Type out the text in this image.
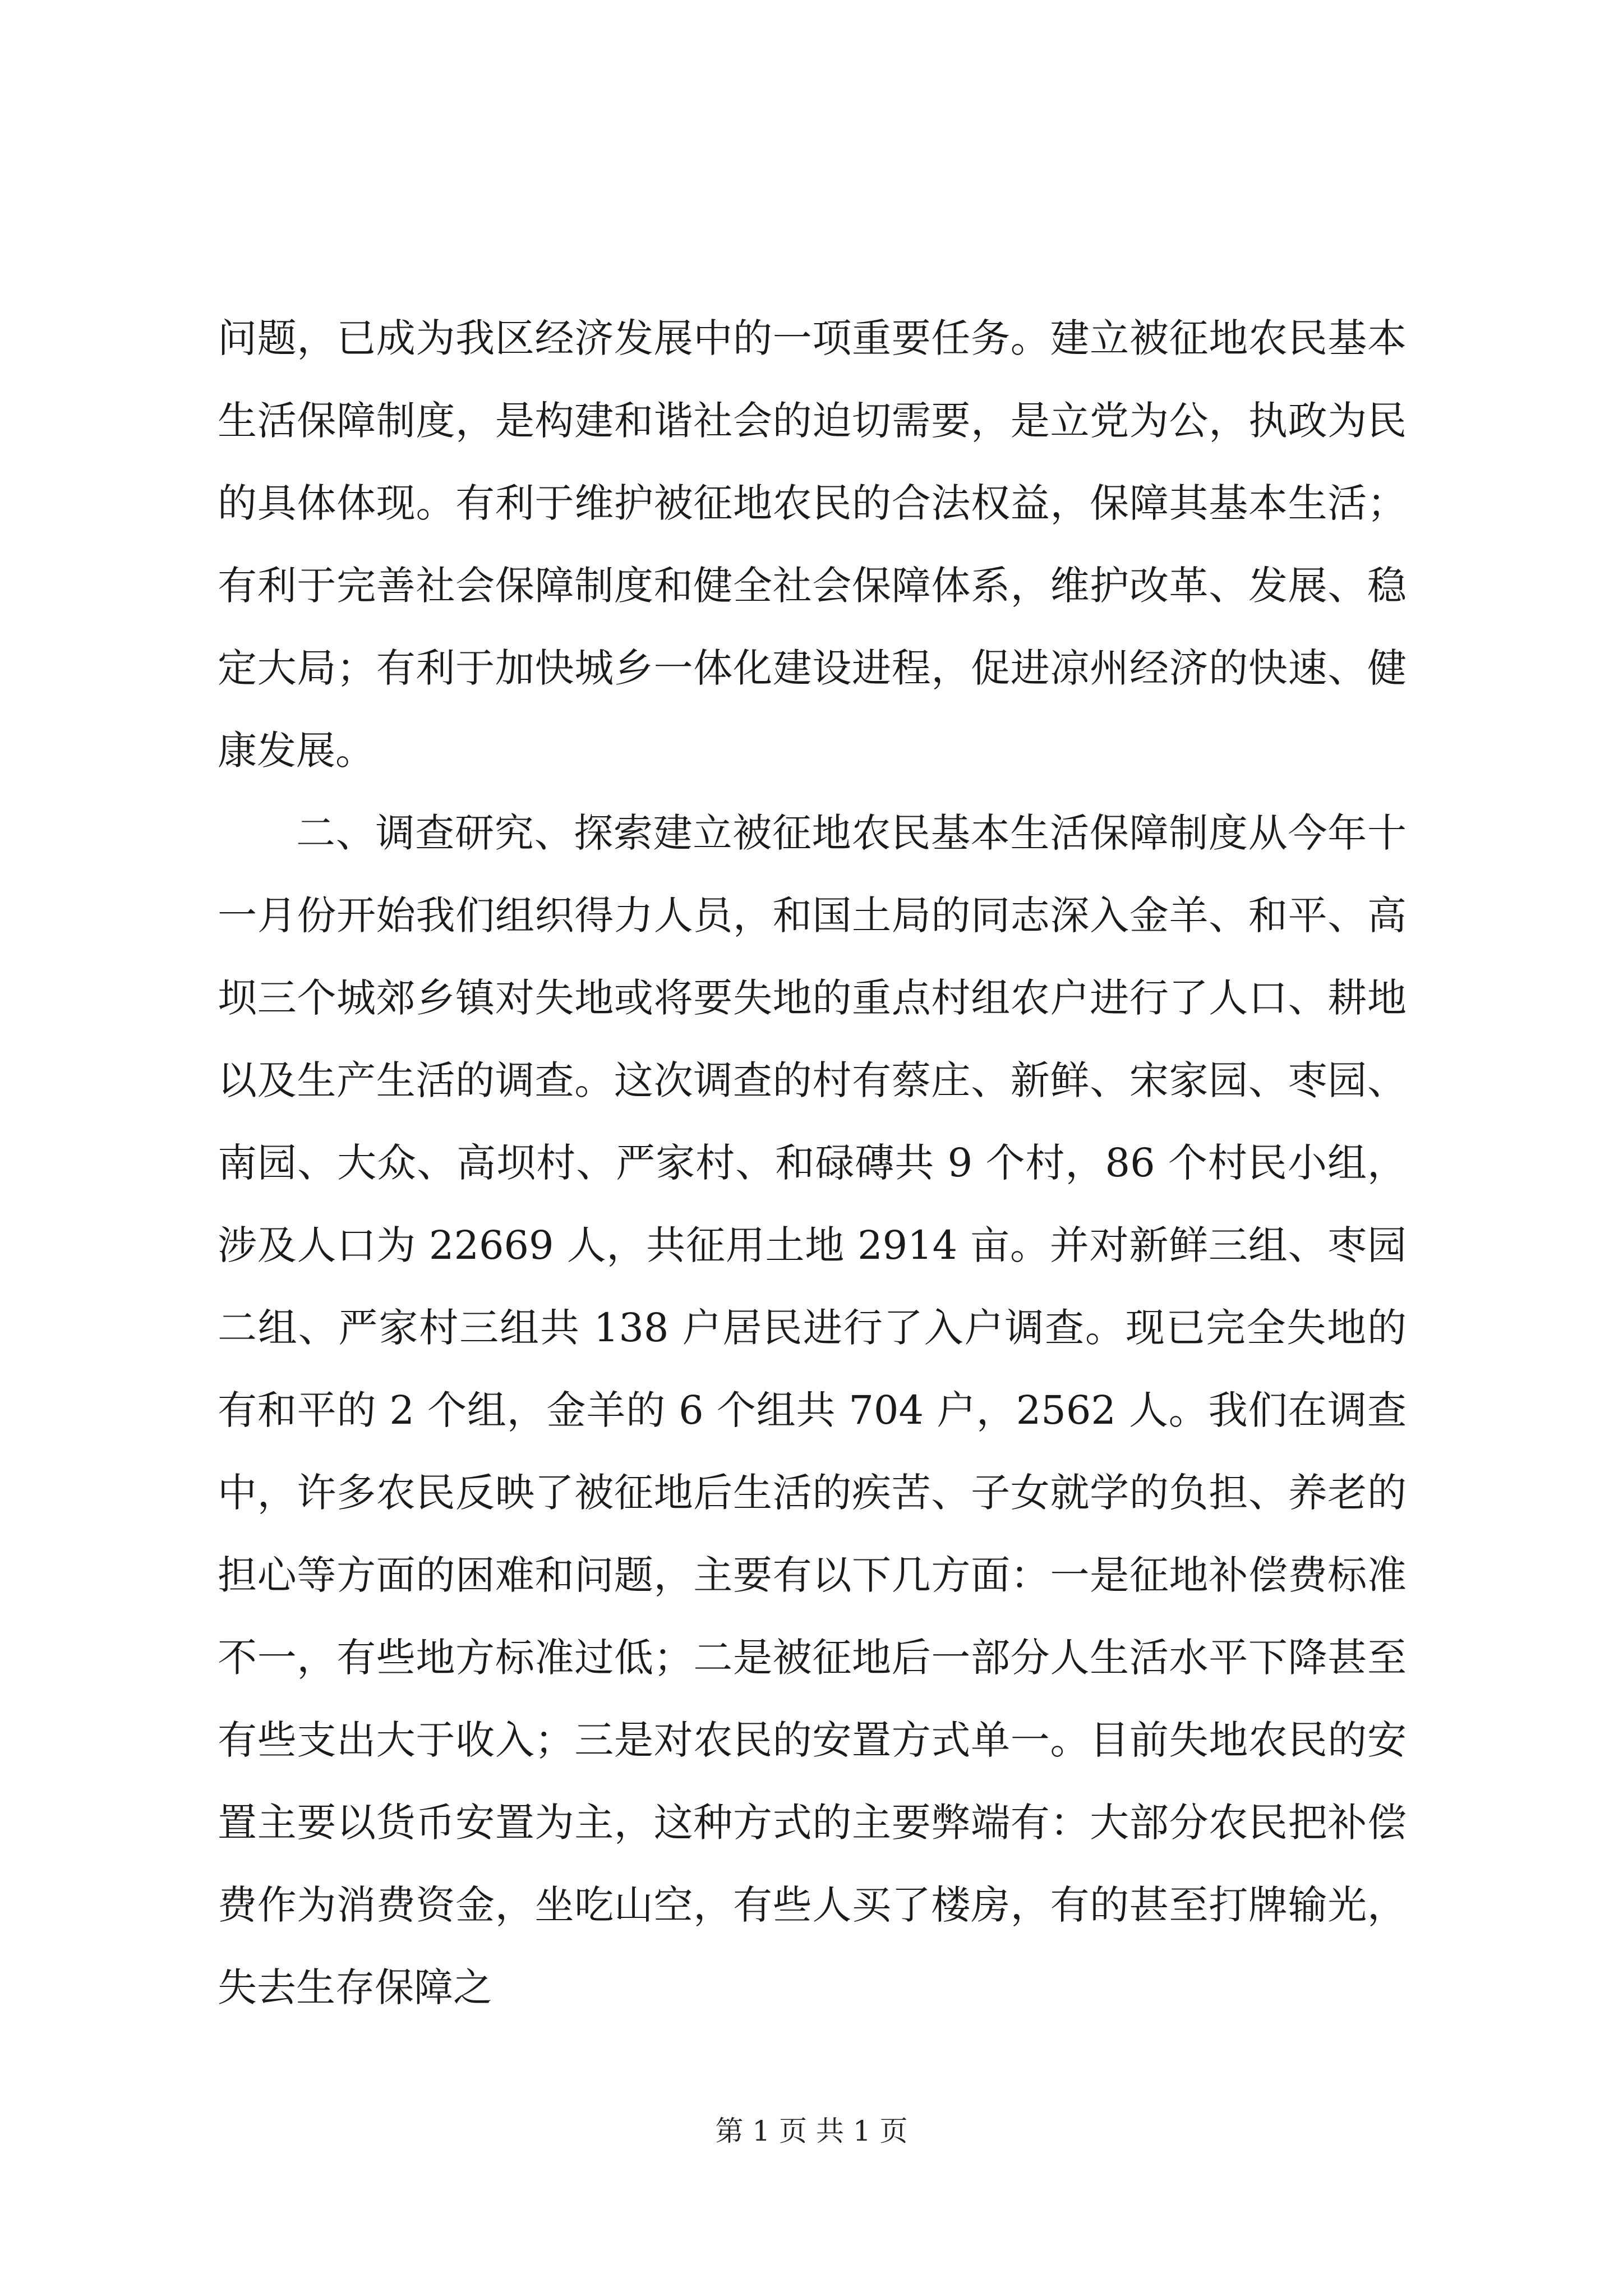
问题，已成为我区经济发展中的一项重要任务。建立被征地农民基本生活保障制度，是构建和谐社会的迫切需要，是立党为公，执政为民的具体体现。有利于维护被征地农民的合法权益，保障其基本生活；有利于完善社会保障制度和健全社会保障体系，维护改革、发展、稳定大局；有利于加快城乡一体化建设进程，促进凉州经济的快速、健康发展。

二、调查研究、探索建立被征地农民基本生活保障制度从今年十一月份开始我们组织得力人员，和国土局的同志深入金羊、和平、高坝三个城郊乡镇对失地或将要失地的重点村组农户进行了人口、耕地以及生产生活的调查。这次调查的村有蔡庄、新鲜、宋家园、枣园、南园、大众、高坝村、严家村、和碌磚共 9 个村，86 个村民小组，涉及人口为 22669 人，共征用土地 2914 亩。并对新鲜三组、枣园二组、严家村三组共 138 户居民进行了入户调查。现已完全失地的有和平的 2 个组，金羊的 6 个组共 704 户，2562 人。我们在调查中，许多农民反映了被征地后生活的疾苦、子女就学的负担、养老的担心等方面的困难和问题，主要有以下几方面：一是征地补偿费标准不一，有些地方标准过低；二是被征地后一部分人生活水平下降甚至有些支出大于收入；三是对农民的安置方式单一。目前失地农民的安置主要以货币安置为主，这种方式的主要弊端有：大部分农民把补偿费作为消费资金，坐吃山空，有些人买了楼房，有的甚至打牌输光，失去生存保障之

第 1 页 共 1 页
